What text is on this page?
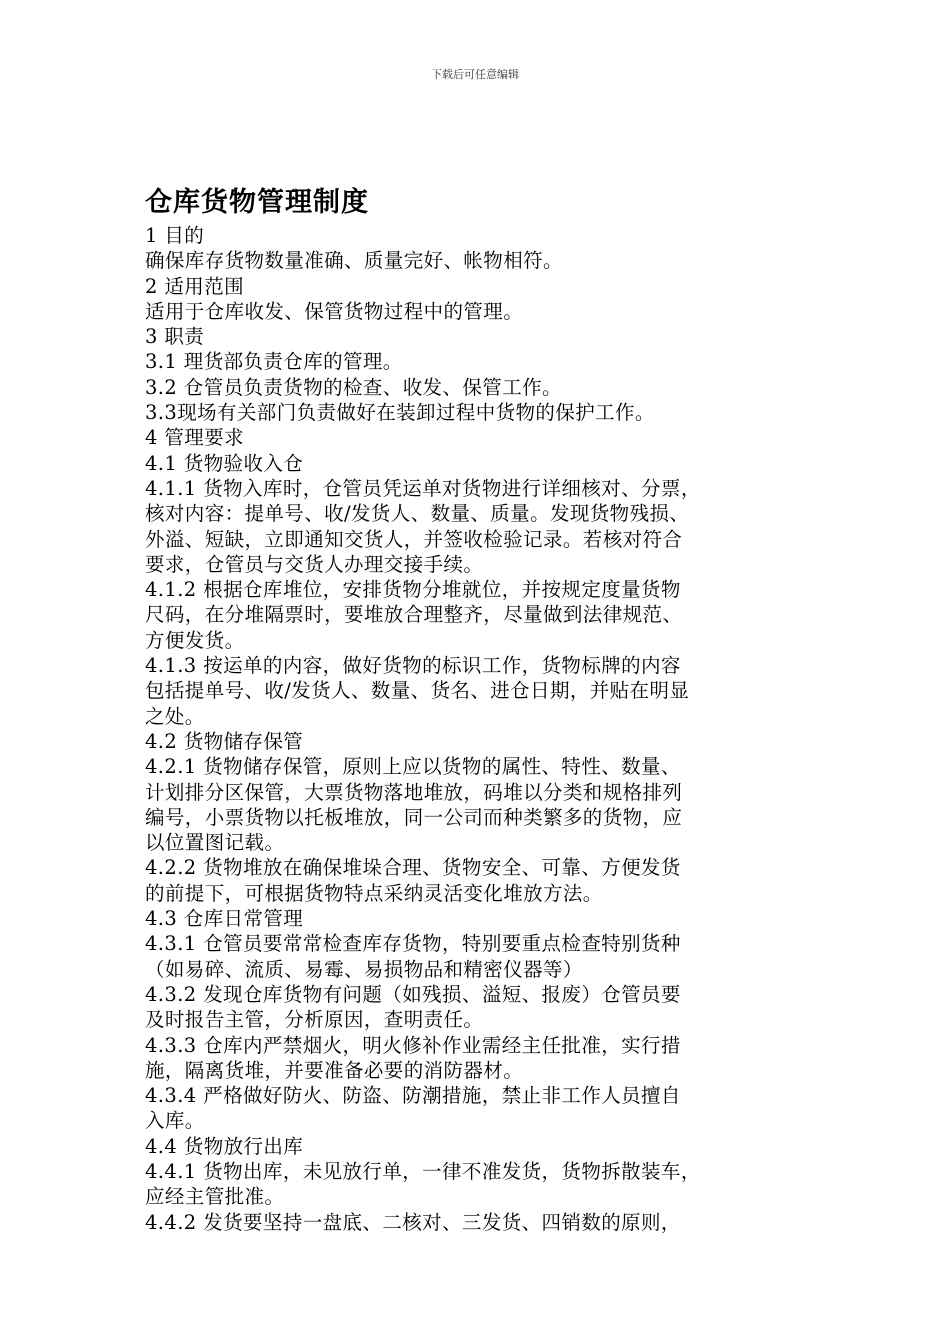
下载后可任意编辑
仓库货物管理制度
1 目的
确保库存货物数量准确、质量完好、帐物相符。
2 适用范围
适用于仓库收发、保管货物过程中的管理。
3 职责
3.1 理货部负责仓库的管理。
3.2 仓管员负责货物的检查、收发、保管工作。
3.3现场有关部门负责做好在装卸过程中货物的保护工作。
4 管理要求
4.1 货物验收入仓
4.1.1 货物入库时，仓管员凭运单对货物进行详细核对、分票，
核对内容：提单号、收/发货人、数量、质量。发现货物残损、
外溢、短缺，立即通知交货人，并签收检验记录。若核对符合
要求，仓管员与交货人办理交接手续。
4.1.2 根据仓库堆位，安排货物分堆就位，并按规定度量货物
尺码，在分堆隔票时，要堆放合理整齐，尽量做到法律规范、
方便发货。
4.1.3 按运单的内容，做好货物的标识工作，货物标牌的内容
包括提单号、收/发货人、数量、货名、进仓日期，并贴在明显
之处。
4.2 货物储存保管
4.2.1 货物储存保管，原则上应以货物的属性、特性、数量、
计划排分区保管，大票货物落地堆放，码堆以分类和规格排列
编号，小票货物以托板堆放，同一公司而种类繁多的货物，应
以位置图记载。
4.2.2 货物堆放在确保堆垛合理、货物安全、可靠、方便发货
的前提下，可根据货物特点采纳灵活变化堆放方法。
4.3 仓库日常管理
4.3.1 仓管员要常常检查库存货物，特别要重点检查特别货种
（如易碎、流质、易霉、易损物品和精密仪器等）
4.3.2 发现仓库货物有问题（如残损、溢短、报废）仓管员要
及时报告主管，分析原因，查明责任。
4.3.3 仓库内严禁烟火，明火修补作业需经主任批准，实行措
施，隔离货堆，并要准备必要的消防器材。
4.3.4 严格做好防火、防盗、防潮措施，禁止非工作人员擅自
入库。
4.4 货物放行出库
4.4.1 货物出库，未见放行单，一律不准发货，货物拆散装车，
应经主管批准。
4.4.2 发货要坚持一盘底、二核对、三发货、四销数的原则，
